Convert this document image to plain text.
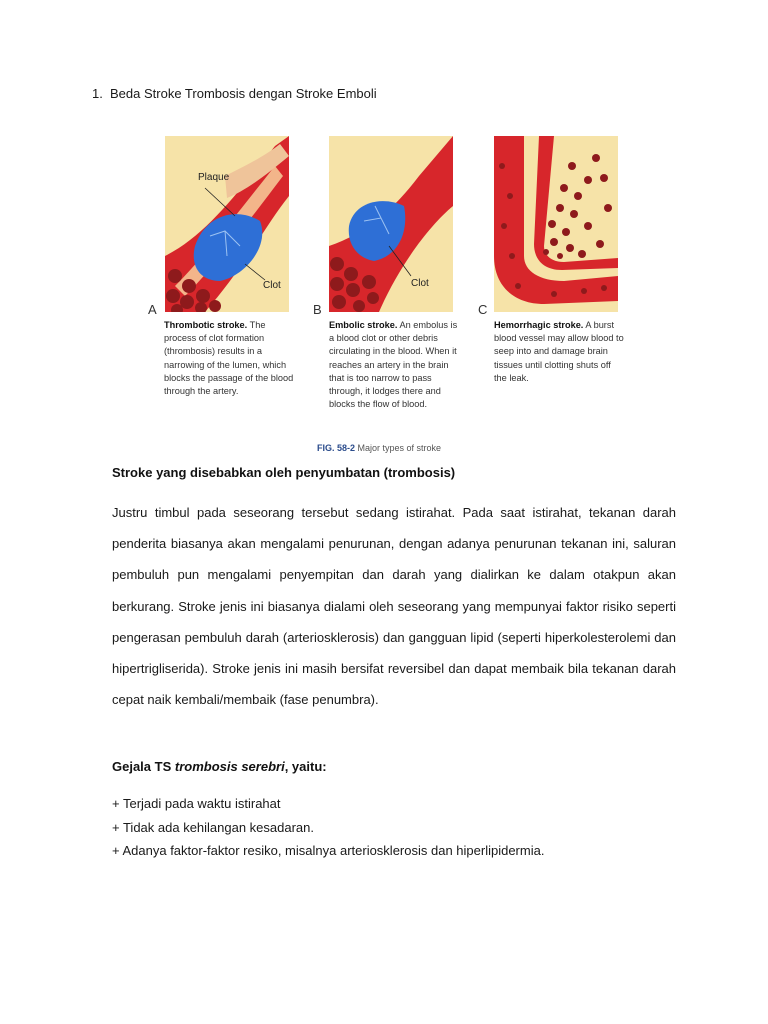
1. Beda Stroke Trombosis dengan Stroke Emboli
Plaque
Clot
A
Thrombotic stroke. The process of clot formation (thrombosis) results in a narrowing of the lumen, which blocks the passage of the blood through the artery.
Clot
B
Embolic stroke. An embolus is a blood clot or other debris circulating in the blood. When it reaches an artery in the brain that is too narrow to pass through, it lodges there and blocks the flow of blood.
C
Hemorrhagic stroke. A burst blood vessel may allow blood to seep into and damage brain tissues until clotting shuts off the leak.
FIG. 58-2 Major types of stroke
Stroke yang disebabkan oleh penyumbatan (trombosis)

Justru timbul pada seseorang tersebut sedang istirahat. Pada saat istirahat, tekanan darah penderita biasanya akan mengalami penurunan, dengan adanya penurunan tekanan ini, saluran pembuluh pun mengalami penyempitan dan darah yang dialirkan ke dalam otakpun akan berkurang. Stroke jenis ini biasanya dialami oleh seseorang yang mempunyai faktor risiko seperti pengerasan pembuluh darah (arteriosklerosis) dan gangguan lipid (seperti hiperkolesterolemi dan hipertrigliserida). Stroke jenis ini masih bersifat reversibel dan dapat membaik bila tekanan darah cepat naik kembali/membaik (fase penumbra).

Gejala TS trombosis serebri, yaitu:
+ Terjadi pada waktu istirahat
+ Tidak ada kehilangan kesadaran.
+ Adanya faktor-faktor resiko, misalnya arteriosklerosis dan hiperlipidermia.
